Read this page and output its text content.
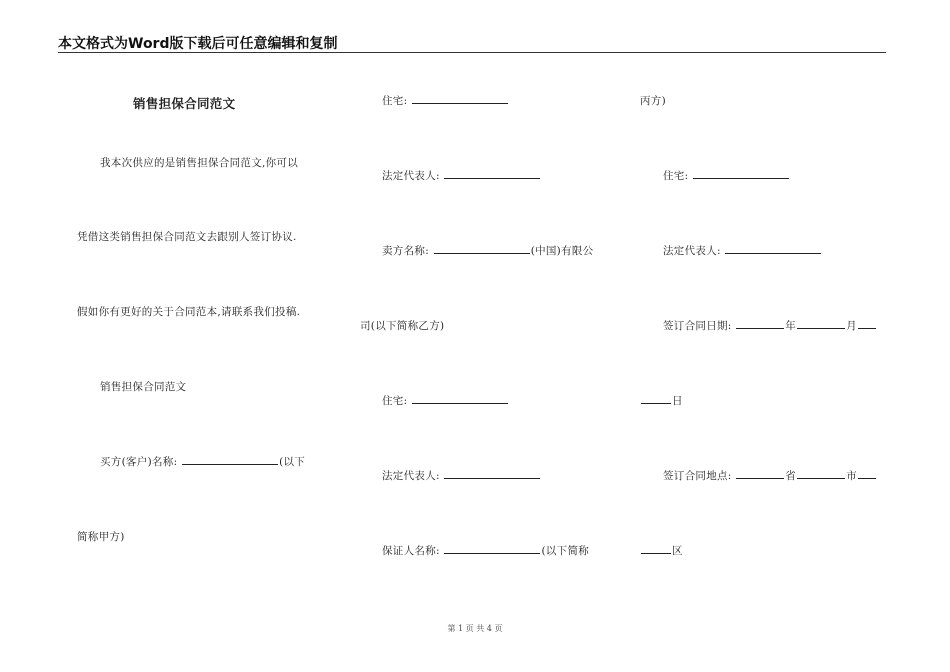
本文格式为Word版下载后可任意编辑和复制
销售担保合同范文
我本次供应的是销售担保合同范文,你可以
凭借这类销售担保合同范文去跟别人签订协议.
假如你有更好的关于合同范本,请联系我们投稿.
销售担保合同范文
买方(客户)名称:	(以下
简称甲方)
住宅:
法定代表人:
卖方名称:	(中国)有限公
司(以下简称乙方)
住宅:
法定代表人:
保证人名称:	(以下简称
丙方)
住宅:
法定代表人:
签订合同日期:	年	月
日
签订合同地点:	省	市
区
第 1 页 共 4 页
